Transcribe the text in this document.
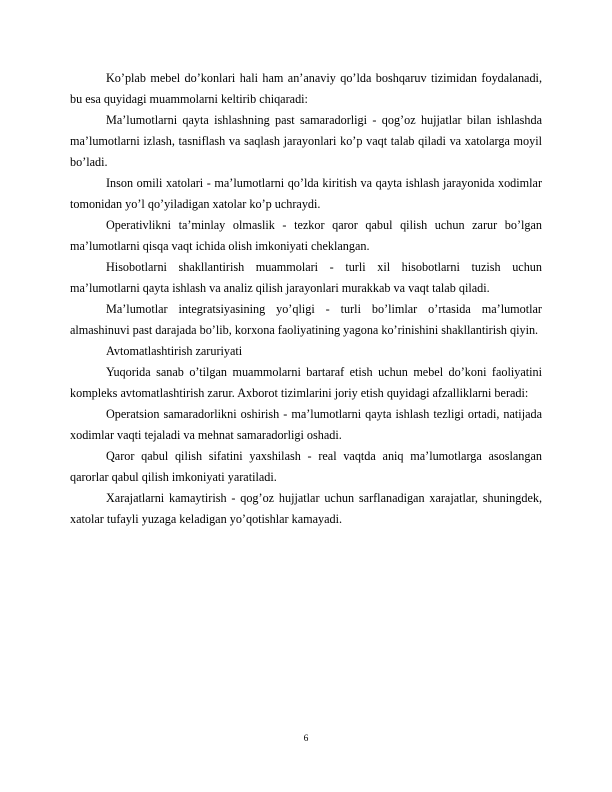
Ko’plab mebel do’konlari hali ham an’anaviy qo’lda boshqaruv tizimidan foydalanadi, bu esa quyidagi muammolarni keltirib chiqaradi:

Ma’lumotlarni qayta ishlashning past samaradorligi - qog’oz hujjatlar bilan ishlashda ma’lumotlarni izlash, tasniflash va saqlash jarayonlari ko’p vaqt talab qiladi va xatolarga moyil bo’ladi.

Inson omili xatolari - ma’lumotlarni qo’lda kiritish va qayta ishlash jarayonida xodimlar tomonidan yo’l qo’yiladigan xatolar ko’p uchraydi.

Operativlikni ta’minlay olmaslik - tezkor qaror qabul qilish uchun zarur bo’lgan ma’lumotlarni qisqa vaqt ichida olish imkoniyati cheklangan.

Hisobotlarni shakllantirish muammolari - turli xil hisobotlarni tuzish uchun ma’lumotlarni qayta ishlash va analiz qilish jarayonlari murakkab va vaqt talab qiladi.

Ma’lumotlar integratsiyasining yo’qligi - turli bo’limlar o’rtasida ma’lumotlar almashinuvi past darajada bo’lib, korxona faoliyatining yagona ko’rinishini shakllantirish qiyin.

Avtomatlashtirish zaruriyati

Yuqorida sanab o’tilgan muammolarni bartaraf etish uchun mebel do’koni faoliyatini kompleks avtomatlashtirish zarur. Axborot tizimlarini joriy etish quyidagi afzalliklarni beradi:

Operatsion samaradorlikni oshirish - ma’lumotlarni qayta ishlash tezligi ortadi, natijada xodimlar vaqti tejaladi va mehnat samaradorligi oshadi.

Qaror qabul qilish sifatini yaxshilash - real vaqtda aniq ma’lumotlarga asoslangan qarorlar qabul qilish imkoniyati yaratiladi.

Xarajatlarni kamaytirish - qog’oz hujjatlar uchun sarflanadigan xarajatlar, shuningdek, xatolar tufayli yuzaga keladigan yo’qotishlar kamayadi.

6
